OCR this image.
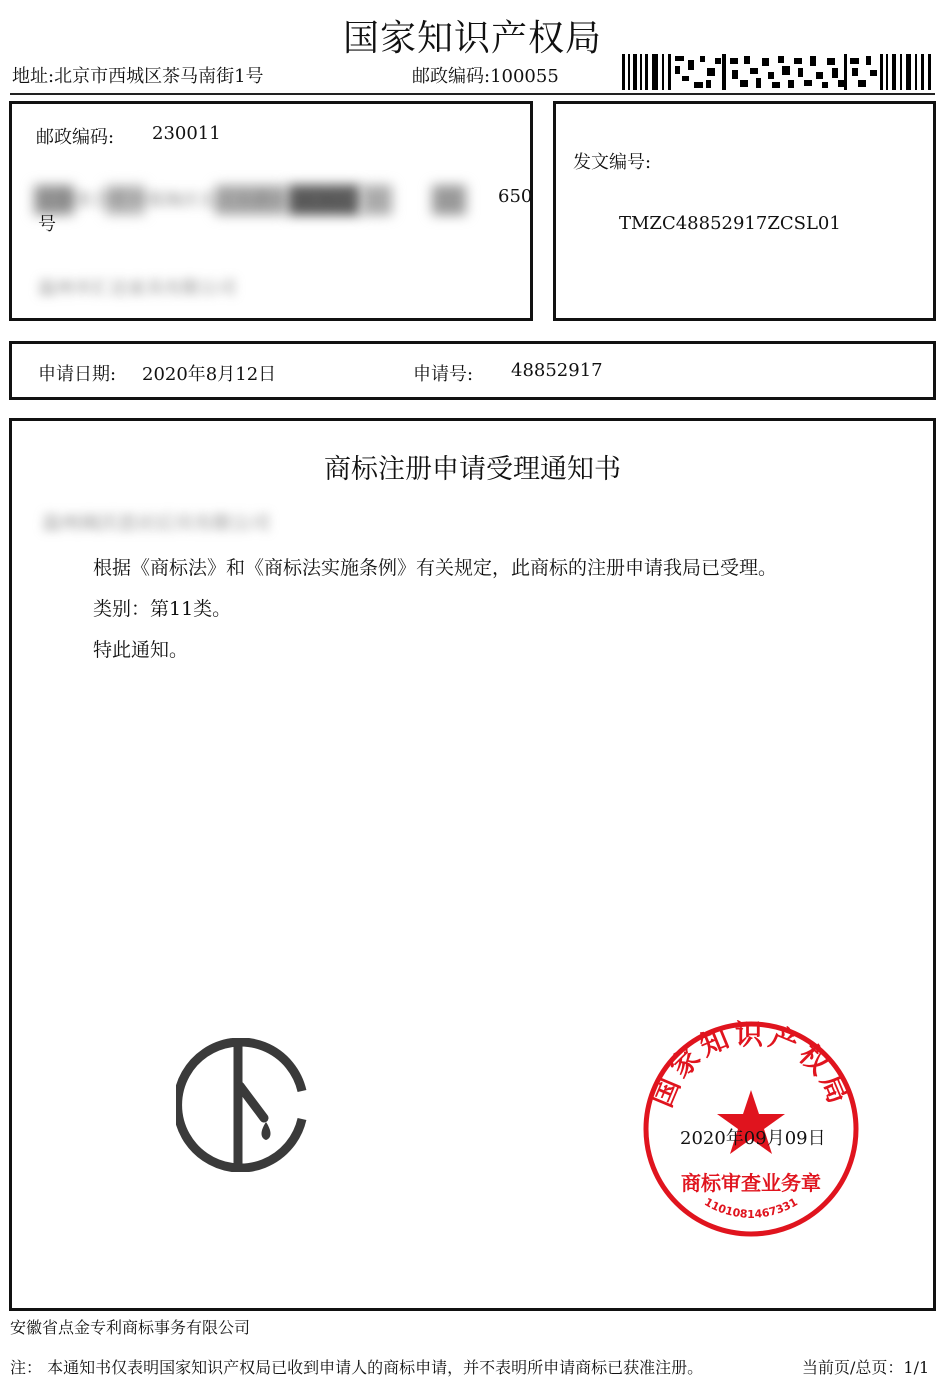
国家知识产权局
地址:北京市西城区茶马南街1号	邮政编码:100055
邮政编码: 230011
安徽省合肥市瑶海区长江东路长江东大街	650
号
温州市汇达家具有限公司
发文编号:
TMZC48852917ZCSL01
申请日期: 2020年8月12日	申请号: 48852917
商标注册申请受理通知书
温州闽沃思应后贝有限公司
根据《商标法》和《商标法实施条例》有关规定，此商标的注册申请我局已受理。
类别：第11类。
特此通知。
国家知识产权局
商标审查业务章
1101081467331
2020年09月09日
安徽省点金专利商标事务有限公司
注： 本通知书仅表明国家知识产权局已收到申请人的商标申请，并不表明所申请商标已获准注册。	当前页/总页：1/1
